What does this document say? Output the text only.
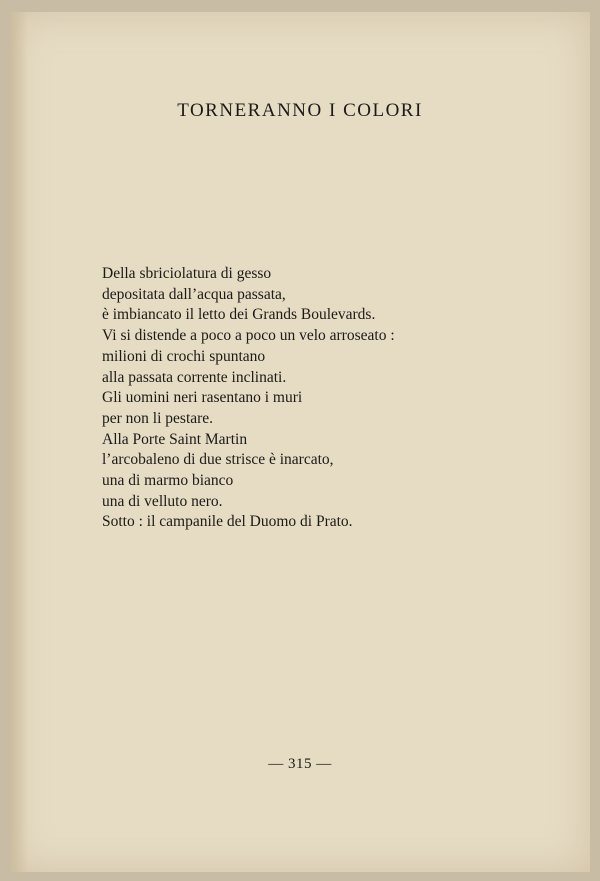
TORNERANNO I COLORI
Della sbriciolatura di gesso
depositata dall’acqua passata,
è imbiancato il letto dei Grands Boulevards.
Vi si distende a poco a poco un velo arroseato :
milioni di crochi spuntano
alla passata corrente inclinati.
Gli uomini neri rasentano i muri
per non li pestare.
Alla Porte Saint Martin
l’arcobaleno di due strisce è inarcato,
una di marmo bianco
una di velluto nero.
Sotto : il campanile del Duomo di Prato.
— 315 —
